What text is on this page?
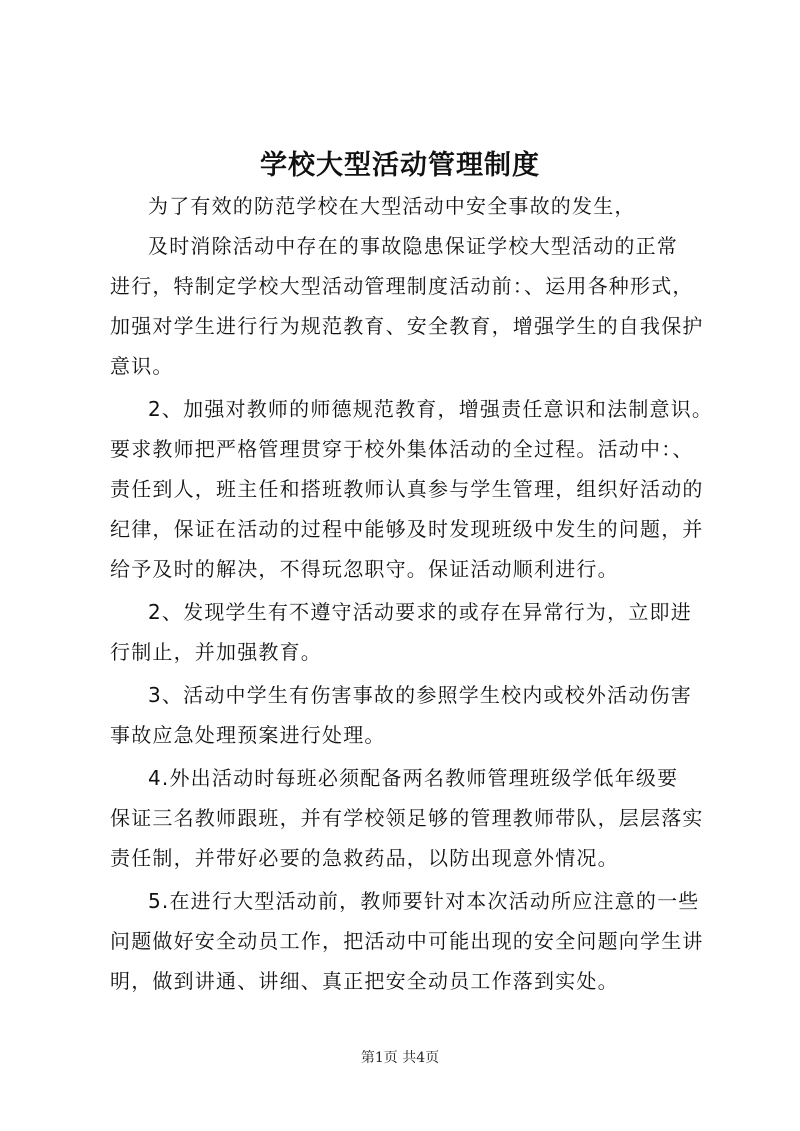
学校大型活动管理制度

为了有效的防范学校在大型活动中安全事故的发生，

及时消除活动中存在的事故隐患保证学校大型活动的正常

进行，特制定学校大型活动管理制度活动前：、运用各种形式，

加强对学生进行行为规范教育、安全教育，增强学生的自我保护

意识。

2、加强对教师的师德规范教育，增强责任意识和法制意识。

要求教师把严格管理贯穿于校外集体活动的全过程。活动中：、

责任到人，班主任和搭班教师认真参与学生管理，组织好活动的

纪律，保证在活动的过程中能够及时发现班级中发生的问题，并

给予及时的解决，不得玩忽职守。保证活动顺利进行。

2、发现学生有不遵守活动要求的或存在异常行为，立即进

行制止，并加强教育。

3、活动中学生有伤害事故的参照学生校内或校外活动伤害

事故应急处理预案进行处理。

4.外出活动时每班必须配备两名教师管理班级学低年级要

保证三名教师跟班，并有学校领足够的管理教师带队，层层落实

责任制，并带好必要的急救药品，以防出现意外情况。

5.在进行大型活动前，教师要针对本次活动所应注意的一些

问题做好安全动员工作，把活动中可能出现的安全问题向学生讲

明，做到讲通、讲细、真正把安全动员工作落到实处。

第1页 共4页
